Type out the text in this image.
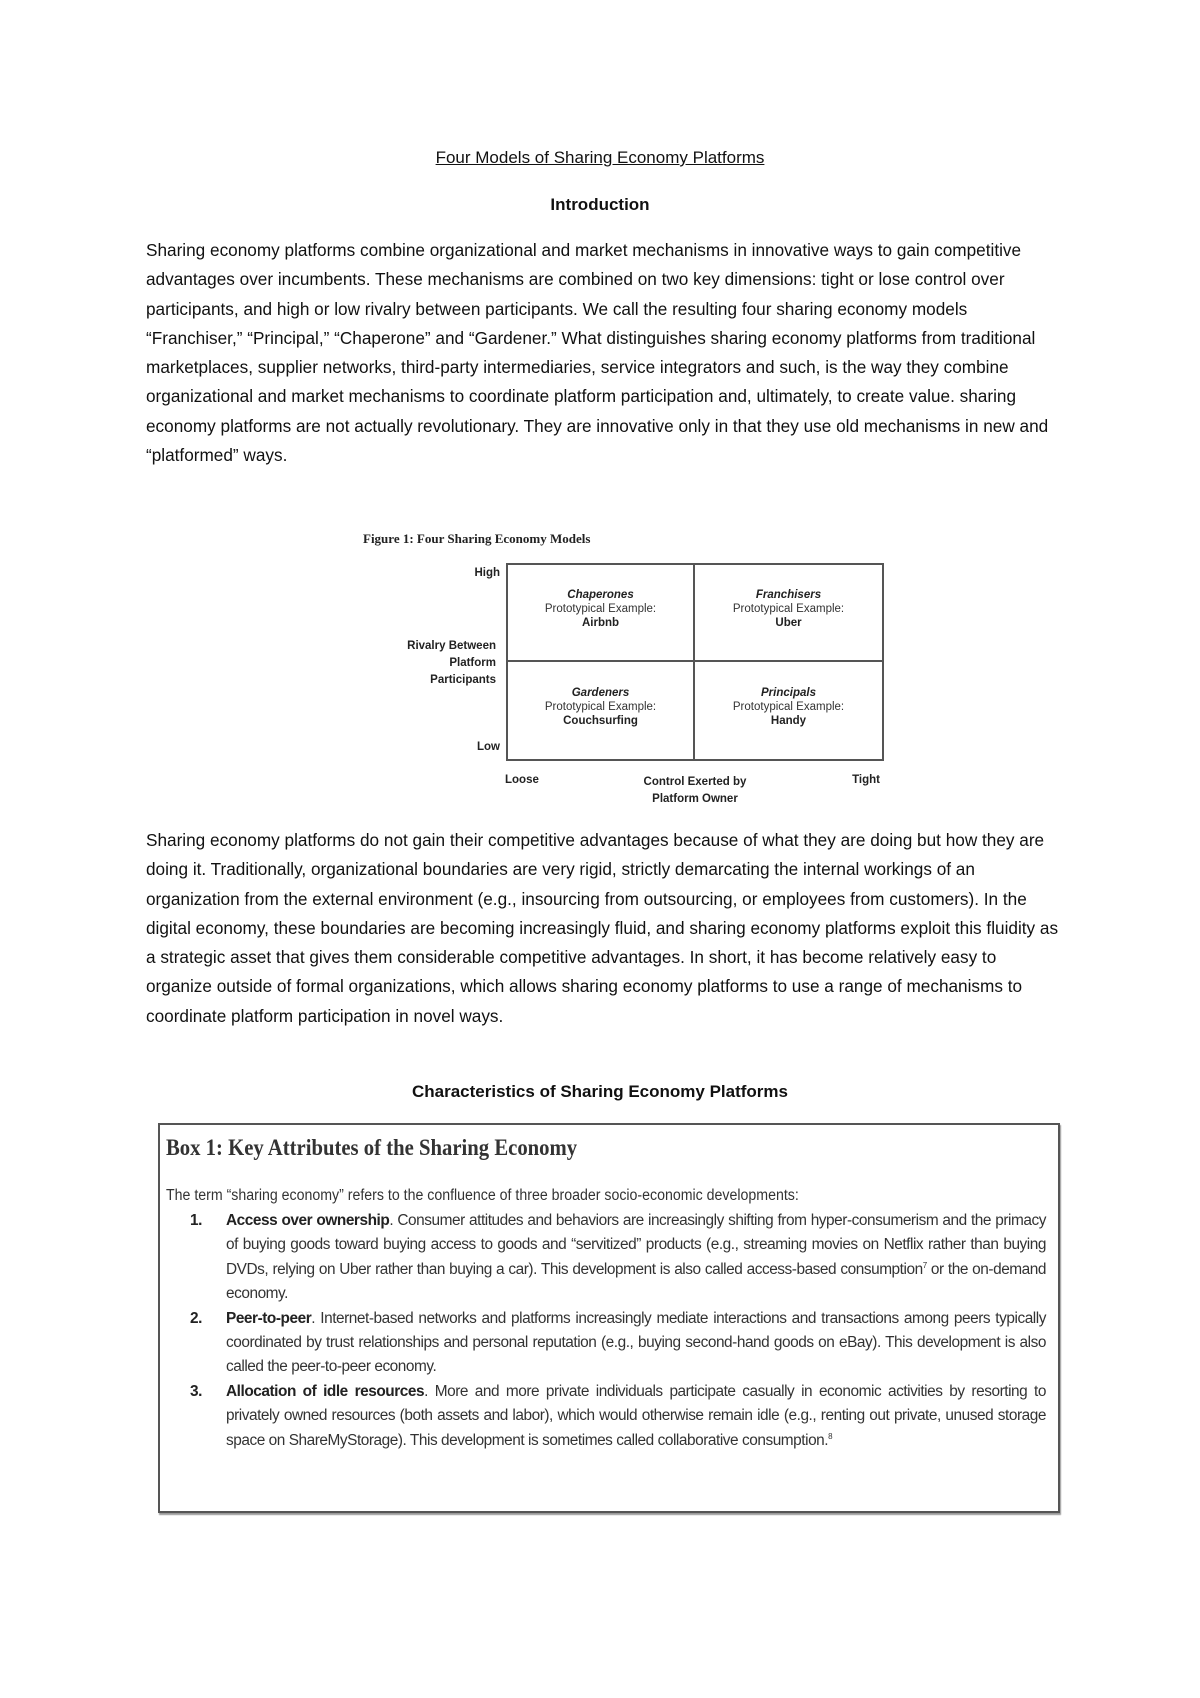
Four Models of Sharing Economy Platforms
Introduction

Sharing economy platforms combine organizational and market mechanisms in innovative ways to gain competitive advantages over incumbents. These mechanisms are combined on two key dimensions: tight or lose control over participants, and high or low rivalry between participants. We call the resulting four sharing economy models “Franchiser,” “Principal,” “Chaperone” and “Gardener.” What distinguishes sharing economy platforms from traditional marketplaces, supplier networks, third-party intermediaries, service integrators and such, is the way they combine organizational and market mechanisms to coordinate platform participation and, ultimately, to create value. sharing economy platforms are not actually revolutionary. They are innovative only in that they use old mechanisms in new and “platformed” ways.

Figure 1: Four Sharing Economy Models
High
Rivalry Between
Platform
Participants
Low
Chaperones
Prototypical Example:
Airbnb
Franchisers
Prototypical Example:
Uber
Gardeners
Prototypical Example:
Couchsurfing
Principals
Prototypical Example:
Handy
Loose	Control Exerted by
Platform Owner
Tight

Sharing economy platforms do not gain their competitive advantages because of what they are doing but how they are doing it. Traditionally, organizational boundaries are very rigid, strictly demarcating the internal workings of an organization from the external environment (e.g., insourcing from outsourcing, or employees from customers). In the digital economy, these boundaries are becoming increasingly fluid, and sharing economy platforms exploit this fluidity as a strategic asset that gives them considerable competitive advantages. In short, it has become relatively easy to organize outside of formal organizations, which allows sharing economy platforms to use a range of mechanisms to coordinate platform participation in novel ways.

Characteristics of Sharing Economy Platforms
Box 1: Key Attributes of the Sharing Economy
The term “sharing economy” refers to the confluence of three broader socio-economic developments:
1. Access over ownership. Consumer attitudes and behaviors are increasingly shifting from hyper-consumerism and the primacy of buying goods toward buying access to goods and “servitized” products (e.g., streaming movies on Netflix rather than buying DVDs, relying on Uber rather than buying a car). This development is also called access-based consumption$^7$ or the on-demand economy.
2. Peer-to-peer. Internet-based networks and platforms increasingly mediate interactions and transactions among peers typically coordinated by trust relationships and personal reputation (e.g., buying second-hand goods on eBay). This development is also called the peer-to-peer economy.
3. Allocation of idle resources. More and more private individuals participate casually in economic activities by resorting to privately owned resources (both assets and labor), which would otherwise remain idle (e.g., renting out private, unused storage space on ShareMyStorage). This development is sometimes called collaborative consumption.$^8$
